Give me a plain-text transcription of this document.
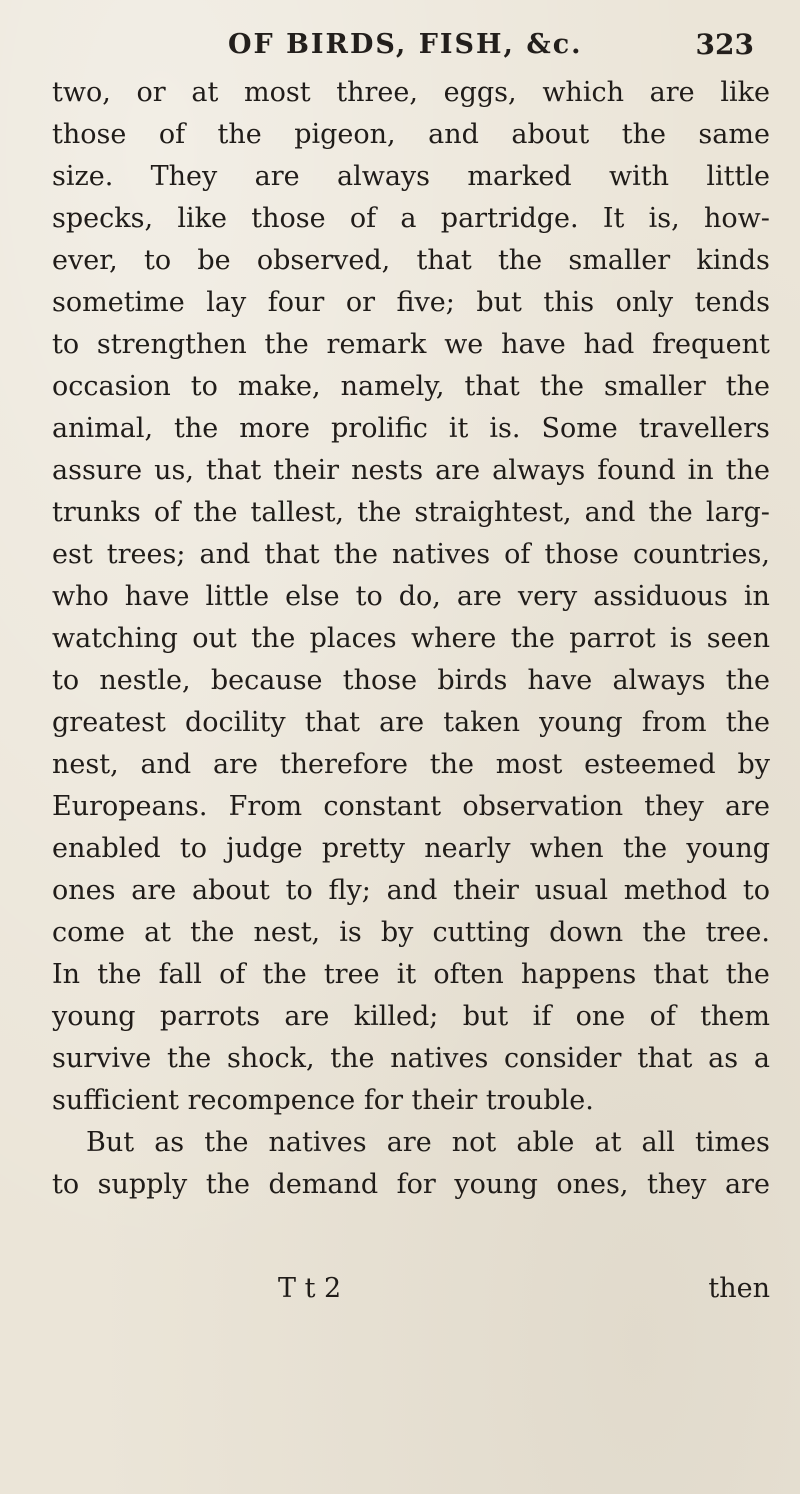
OF BIRDS, FISH, &c.	323
two, or at most three, eggs, which are like
those of the pigeon, and about the same
size. They are always marked with little
specks, like those of a partridge. It is, how-
ever, to be observed, that the smaller kinds
sometime lay four or five; but this only tends
to strengthen the remark we have had frequent
occasion to make, namely, that the smaller the
animal, the more prolific it is. Some travellers
assure us, that their nests are always found in the
trunks of the tallest, the straightest, and the larg-
est trees; and that the natives of those countries,
who have little else to do, are very assiduous in
watching out the places where the parrot is seen
to nestle, because those birds have always the
greatest docility that are taken young from the
nest, and are therefore the most esteemed by
Europeans. From constant observation they are
enabled to judge pretty nearly when the young
ones are about to fly; and their usual method to
come at the nest, is by cutting down the tree.
In the fall of the tree it often happens that the
young parrots are killed; but if one of them
survive the shock, the natives consider that as a
sufficient recompence for their trouble.
But as the natives are not able at all times
to supply the demand for young ones, they are
T t 2	then
